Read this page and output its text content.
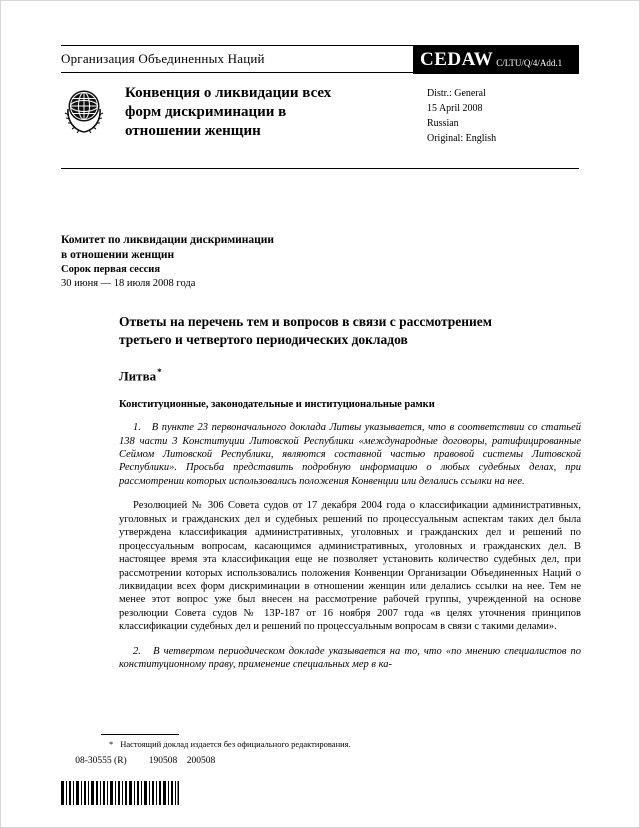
Организация Объединенных Наций	CEDAW C/LTU/Q/4/Add.1
Конвенция о ликвидации всех форм дискриминации в отношении женщин
Distr.: General
15 April 2008
Russian
Original: English
Комитет по ликвидации дискриминации
в отношении женщин
Сорок первая сессия
30 июня — 18 июля 2008 года
Ответы на перечень тем и вопросов в связи с рассмотрением третьего и четвертого периодических докладов
Литва*
Конституционные, законодательные и институциональные рамки

1.   В пункте 23 первоначального доклада Литвы указывается, что в соответствии со статьей 138 части 3 Конституции Литовской Республики «международные договоры, ратифицированные Сеймом Литовской Республики, являются составной частью правовой системы Литовской Республики». Просьба представить подробную информацию о любых судебных делах, при рассмотрении которых использовались положения Конвенции или делались ссылки на нее.

Резолюцией № 306 Совета судов от 17 декабря 2004 года о классификации административных, уголовных и гражданских дел и судебных решений по процессуальным аспектам таких дел была утверждена классификация административных, уголовных и гражданских дел и решений по процессуальным вопросам, касающимся административных, уголовных и гражданских дел. В настоящее время эта классификация еще не позволяет установить количество судебных дел, при рассмотрении которых использовались положения Конвенции Организации Объединенных Наций о ликвидации всех форм дискриминации в отношении женщин или делались ссылки на нее. Тем не менее этот вопрос уже был внесен на рассмотрение рабочей группы, учрежденной на основе резолюции Совета судов № 13Р-187 от 16 ноября 2007 года «в целях уточнения принципов классификации судебных дел и решений по процессуальным вопросам в связи с такими делами».

2.   В четвертом периодическом докладе указывается на то, что «по мнению специалистов по конституционному праву, применение специальных мер в ка-

* Настоящий доклад издается без официального редактирования.

08-30555 (R) 190508    200508
